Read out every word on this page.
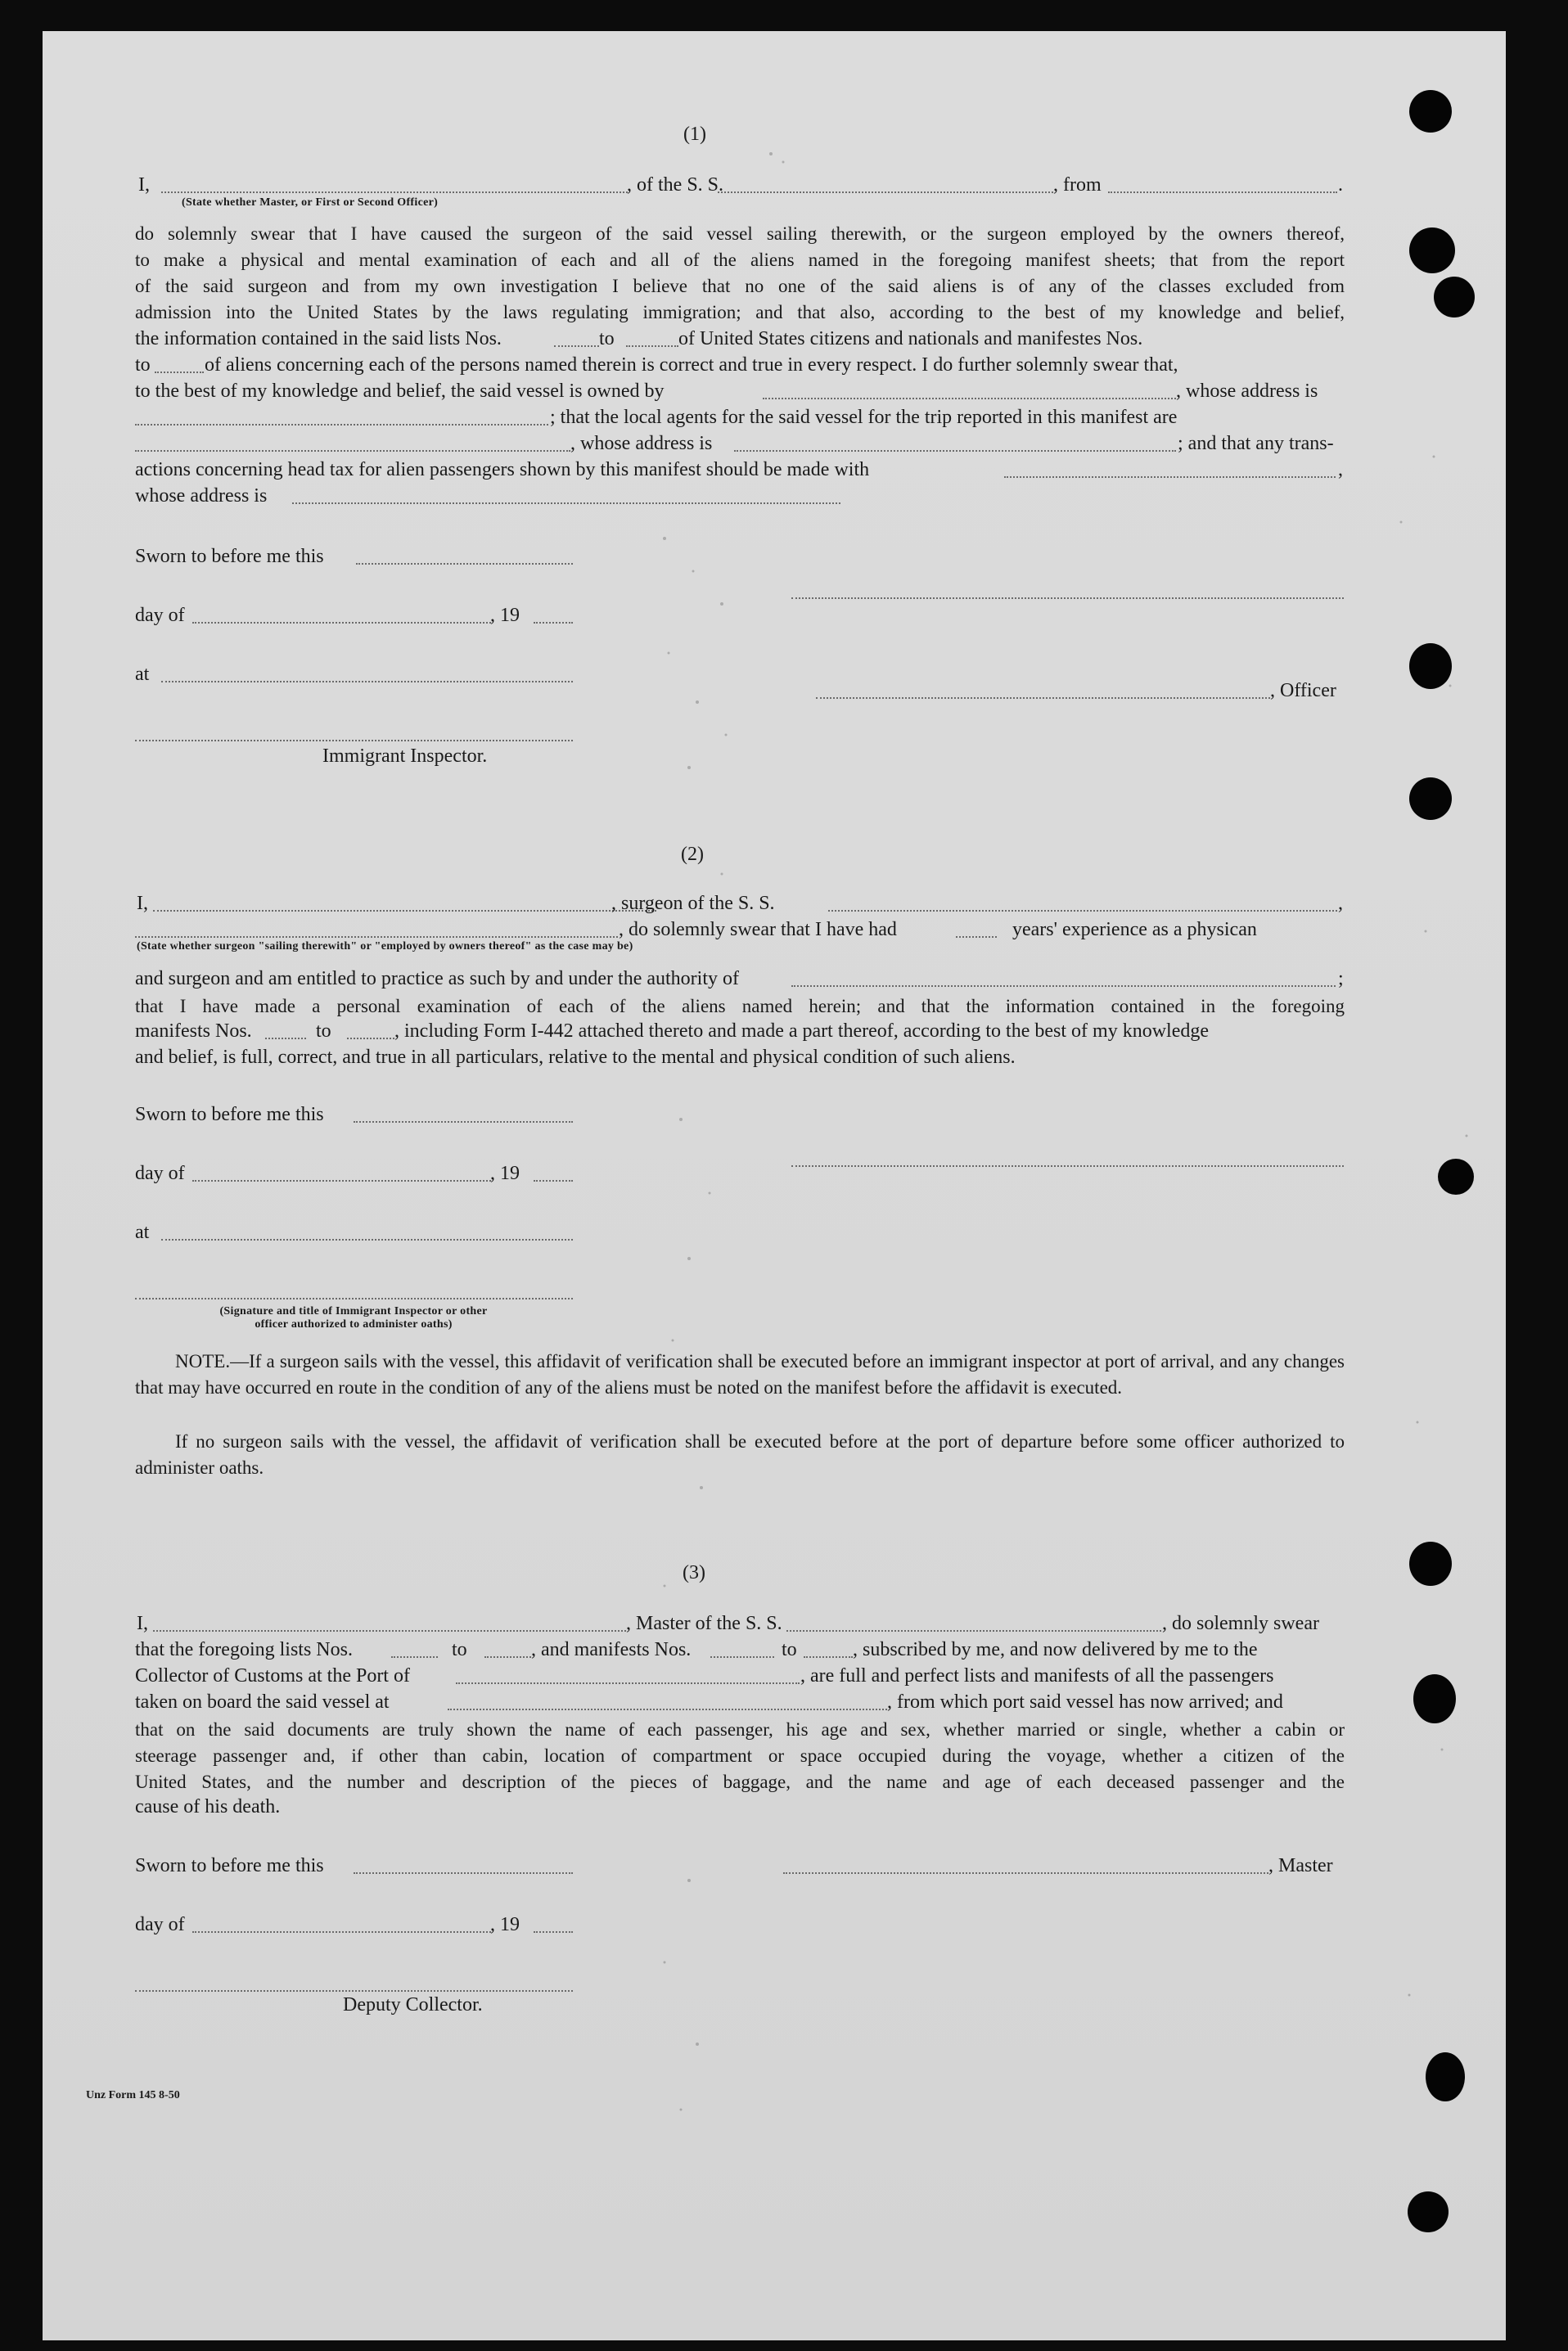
(1)
I,	, of the S. S.	, from	.
(State whether Master, or First or Second Officer)
do solemnly swear that I have caused the surgeon of the said vessel sailing therewith, or the surgeon employed by the owners thereof,
to make a physical and mental examination of each and all of the aliens named in the foregoing manifest sheets; that from the report
of the said surgeon and from my own investigation I believe that no one of the said aliens is of any of the classes excluded from
admission into the United States by the laws regulating immigration; and that also, according to the best of my knowledge and belief,
the information contained in the said lists Nos.	to	of United States citizens and nationals and manifestes Nos.
to	of aliens concerning each of the persons named therein is correct and true in every respect. I do further solemnly swear that,
to the best of my knowledge and belief, the said vessel is owned by	, whose address is
; that the local agents for the said vessel for the trip reported in this manifest are
, whose address is	; and that any trans-
actions concerning head tax for alien passengers shown by this manifest should be made with	,
whose address is
Sworn to before me this
day of	, 19
at
, Officer
Immigrant Inspector.
(2)
I,	, surgeon of the S. S.	,
, do solemnly swear that I have had	years' experience as a physican
(State whether surgeon "sailing therewith" or "employed by owners thereof" as the case may be)
and surgeon and am entitled to practice as such by and under the authority of	;
that I have made a personal examination of each of the aliens named herein; and that the information contained in the foregoing
manifests Nos.	to	, including Form I-442 attached thereto and made a part thereof, according to the best of my knowledge
and belief, is full, correct, and true in all particulars, relative to the mental and physical condition of such aliens.
Sworn to before me this
day of	, 19
at
(Signature and title of Immigrant Inspector or other
officer authorized to administer oaths)
NOTE.—If a surgeon sails with the vessel, this affidavit of verification shall be executed before an immigrant inspector at port of arrival, and any changes that may have occurred en route in the condition of any of the aliens must be noted on the manifest before the affidavit is executed.
If no surgeon sails with the vessel, the affidavit of verification shall be executed before at the port of departure before some officer authorized to administer oaths.
(3)
I,	, Master of the S. S.	, do solemnly swear
that the foregoing lists Nos.	to	, and manifests Nos.	to	, subscribed by me, and now delivered by me to the
Collector of Customs at the Port of	, are full and perfect lists and manifests of all the passengers
taken on board the said vessel at	, from which port said vessel has now arrived; and
that on the said documents are truly shown the name of each passenger, his age and sex, whether married or single, whether a cabin or
steerage passenger and, if other than cabin, location of compartment or space occupied during the voyage, whether a citizen of the
United States, and the number and description of the pieces of baggage, and the name and age of each deceased passenger and the
cause of his death.
Sworn to before me this	, Master
day of	, 19
Deputy Collector.
Unz Form 145 8-50
